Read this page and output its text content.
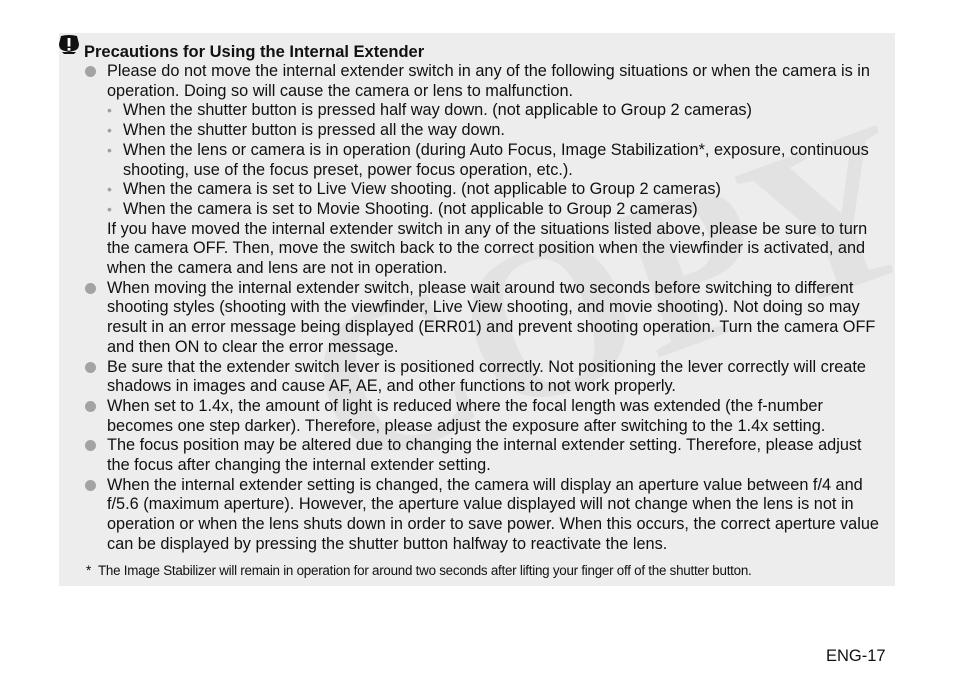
Precautions for Using the Internal Extender
Please do not move the internal extender switch in any of the following situations or when the camera is in operation. Doing so will cause the camera or lens to malfunction.
• When the shutter button is pressed half way down. (not applicable to Group 2 cameras)
• When the shutter button is pressed all the way down.
• When the lens or camera is in operation (during Auto Focus, Image Stabilization*, exposure, continuous shooting, use of the focus preset, power focus operation, etc.).
• When the camera is set to Live View shooting. (not applicable to Group 2 cameras)
• When the camera is set to Movie Shooting. (not applicable to Group 2 cameras)
If you have moved the internal extender switch in any of the situations listed above, please be sure to turn the camera OFF. Then, move the switch back to the correct position when the viewfinder is activated, and when the camera and lens are not in operation.
When moving the internal extender switch, please wait around two seconds before switching to different shooting styles (shooting with the viewfinder, Live View shooting, and movie shooting). Not doing so may result in an error message being displayed (ERR01) and prevent shooting operation. Turn the camera OFF and then ON to clear the error message.
Be sure that the extender switch lever is positioned correctly. Not positioning the lever correctly will create shadows in images and cause AF, AE, and other functions to not work properly.
When set to 1.4x, the amount of light is reduced where the focal length was extended (the f-number becomes one step darker). Therefore, please adjust the exposure after switching to the 1.4x setting.
The focus position may be altered due to changing the internal extender setting. Therefore, please adjust the focus after changing the internal extender setting.
When the internal extender setting is changed, the camera will display an aperture value between f/4 and f/5.6 (maximum aperture). However, the aperture value displayed will not change when the lens is not in operation or when the lens shuts down in order to save power. When this occurs, the correct aperture value can be displayed by pressing the shutter button halfway to reactivate the lens.
* The Image Stabilizer will remain in operation for around two seconds after lifting your finger off of the shutter button.
ENG-17
